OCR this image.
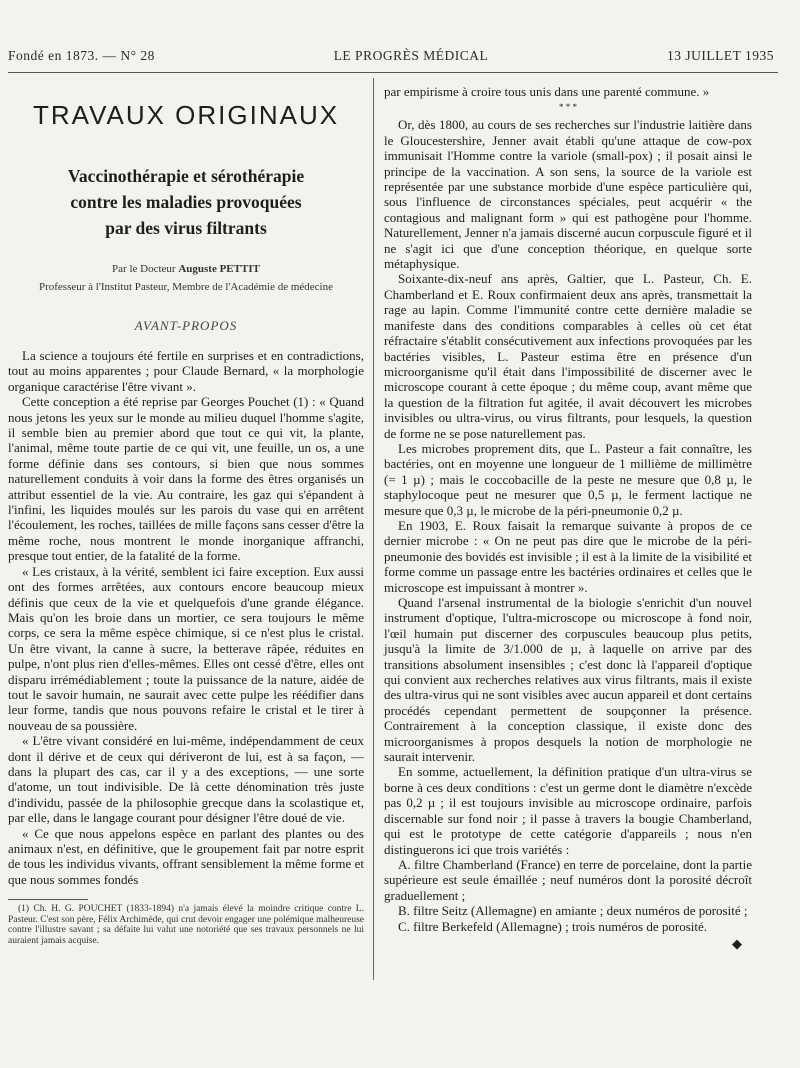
Fondé en 1873. — N° 28	LE PROGRÈS MÉDICAL	13 JUILLET 1935
TRAVAUX ORIGINAUX
Vaccinothérapie et sérothérapie
contre les maladies provoquées
par des virus filtrants
Par le Docteur Auguste PETTIT
Professeur à l'Institut Pasteur, Membre de l'Académie de médecine
AVANT-PROPOS

La science a toujours été fertile en surprises et en contradictions, tout au moins apparentes ; pour Claude Bernard, « la morphologie organique caractérise l'être vivant ».

Cette conception a été reprise par Georges Pouchet (1) : « Quand nous jetons les yeux sur le monde au milieu duquel l'homme s'agite, il semble bien au premier abord que tout ce qui vit, la plante, l'animal, même toute partie de ce qui vit, une feuille, un os, a une forme définie dans ses contours, si bien que nous sommes naturellement conduits à voir dans la forme des êtres organisés un attribut essentiel de la vie. Au contraire, les gaz qui s'épandent à l'infini, les liquides moulés sur les parois du vase qui en arrêtent l'écoulement, les roches, taillées de mille façons sans cesser d'être la même roche, nous montrent le monde inorganique affranchi, presque tout entier, de la fatalité de la forme.

« Les cristaux, à la vérité, semblent ici faire exception. Eux aussi ont des formes arrêtées, aux contours encore beaucoup mieux définis que ceux de la vie et quelquefois d'une grande élégance. Mais qu'on les broie dans un mortier, ce sera toujours le même corps, ce sera la même espèce chimique, si ce n'est plus le cristal. Un être vivant, la canne à sucre, la betterave râpée, réduites en pulpe, n'ont plus rien d'elles-mêmes. Elles ont cessé d'être, elles ont disparu irrémédiablement ; toute la puissance de la nature, aidée de tout le savoir humain, ne saurait avec cette pulpe les réédifier dans leur forme, tandis que nous pouvons refaire le cristal et le tirer à nouveau de sa poussière.

« L'être vivant considéré en lui-même, indépendamment de ceux dont il dérive et de ceux qui dériveront de lui, est à sa façon, — dans la plupart des cas, car il y a des exceptions, — une sorte d'atome, un tout indivisible. De là cette dénomination très juste d'individu, passée de la philosophie grecque dans la scolastique et, par elle, dans le langage courant pour désigner l'être doué de vie.

« Ce que nous appelons espèce en parlant des plantes ou des animaux n'est, en définitive, que le groupement fait par notre esprit de tous les individus vivants, offrant sensiblement la même forme et que nous sommes fondés

(1) Ch. H. G. POUCHET (1833-1894) n'a jamais élevé la moindre critique contre L. Pasteur. C'est son père, Félix Archimède, qui crut devoir engager une polémique malheureuse contre l'illustre savant ; sa défaite lui valut une notoriété que ses travaux personnels ne lui auraient jamais acquise.

par empirisme à croire tous unis dans une parenté commune. »

* * *

Or, dès 1800, au cours de ses recherches sur l'industrie laitière dans le Gloucestershire, Jenner avait établi qu'une attaque de cow-pox immunisait l'Homme contre la variole (small-pox) ; il posait ainsi le principe de la vaccination. A son sens, la source de la variole est représentée par une substance morbide d'une espèce particulière qui, sous l'influence de circonstances spéciales, peut acquérir « the contagious and malignant form » qui est pathogène pour l'homme. Naturellement, Jenner n'a jamais discerné aucun corpuscule figuré et il ne s'agit ici que d'une conception théorique, en quelque sorte métaphysique.

Soixante-dix-neuf ans après, Galtier, que L. Pasteur, Ch. E. Chamberland et E. Roux confirmaient deux ans après, transmettait la rage au lapin. Comme l'immunité contre cette dernière maladie se manifeste dans des conditions comparables à celles où cet état réfractaire s'établit consécutivement aux infections provoquées par les bactéries visibles, L. Pasteur estima être en présence d'un microorganisme qu'il était dans l'impossibilité de discerner avec le microscope courant à cette époque ; du même coup, avant même que la question de la filtration fut agitée, il avait découvert les microbes invisibles ou ultra-virus, ou virus filtrants, pour lesquels, la question de forme ne se pose naturellement pas.

Les microbes proprement dits, que L. Pasteur a fait connaître, les bactéries, ont en moyenne une longueur de 1 millième de millimètre (= 1 µ) ; mais le coccobacille de la peste ne mesure que 0,8 µ, le staphylocoque peut ne mesurer que 0,5 µ, le ferment lactique ne mesure que 0,3 µ, le microbe de la péri-pneumonie 0,2 µ.

En 1903, E. Roux faisait la remarque suivante à propos de ce dernier microbe : « On ne peut pas dire que le microbe de la péri-pneumonie des bovidés est invisible ; il est à la limite de la visibilité et forme comme un passage entre les bactéries ordinaires et celles que le microscope est impuissant à montrer ».

Quand l'arsenal instrumental de la biologie s'enrichit d'un nouvel instrument d'optique, l'ultra-microscope ou microscope à fond noir, l'œil humain put discerner des corpuscules beaucoup plus petits, jusqu'à la limite de 3/1.000 de µ, à laquelle on arrive par des transitions absolument insensibles ; c'est donc là l'appareil d'optique qui convient aux recherches relatives aux virus filtrants, mais il existe des ultra-virus qui ne sont visibles avec aucun appareil et dont certains procédés cependant permettent de soupçonner la présence. Contrairement à la conception classique, il existe donc des microorganismes à propos desquels la notion de morphologie ne saurait intervenir.

En somme, actuellement, la définition pratique d'un ultra-virus se borne à ces deux conditions : c'est un germe dont le diamètre n'excède pas 0,2 µ ; il est toujours invisible au microscope ordinaire, parfois discernable sur fond noir ; il passe à travers la bougie Chamberland, qui est le prototype de cette catégorie d'appareils ; nous n'en distinguerons ici que trois variétés :

A. filtre Chamberland (France) en terre de porcelaine, dont la partie supérieure est seule émaillée ; neuf numéros dont la porosité décroît graduellement ;

B. filtre Seitz (Allemagne) en amiante ; deux numéros de porosité ;

C. filtre Berkefeld (Allemagne) ; trois numéros de porosité.

◆
